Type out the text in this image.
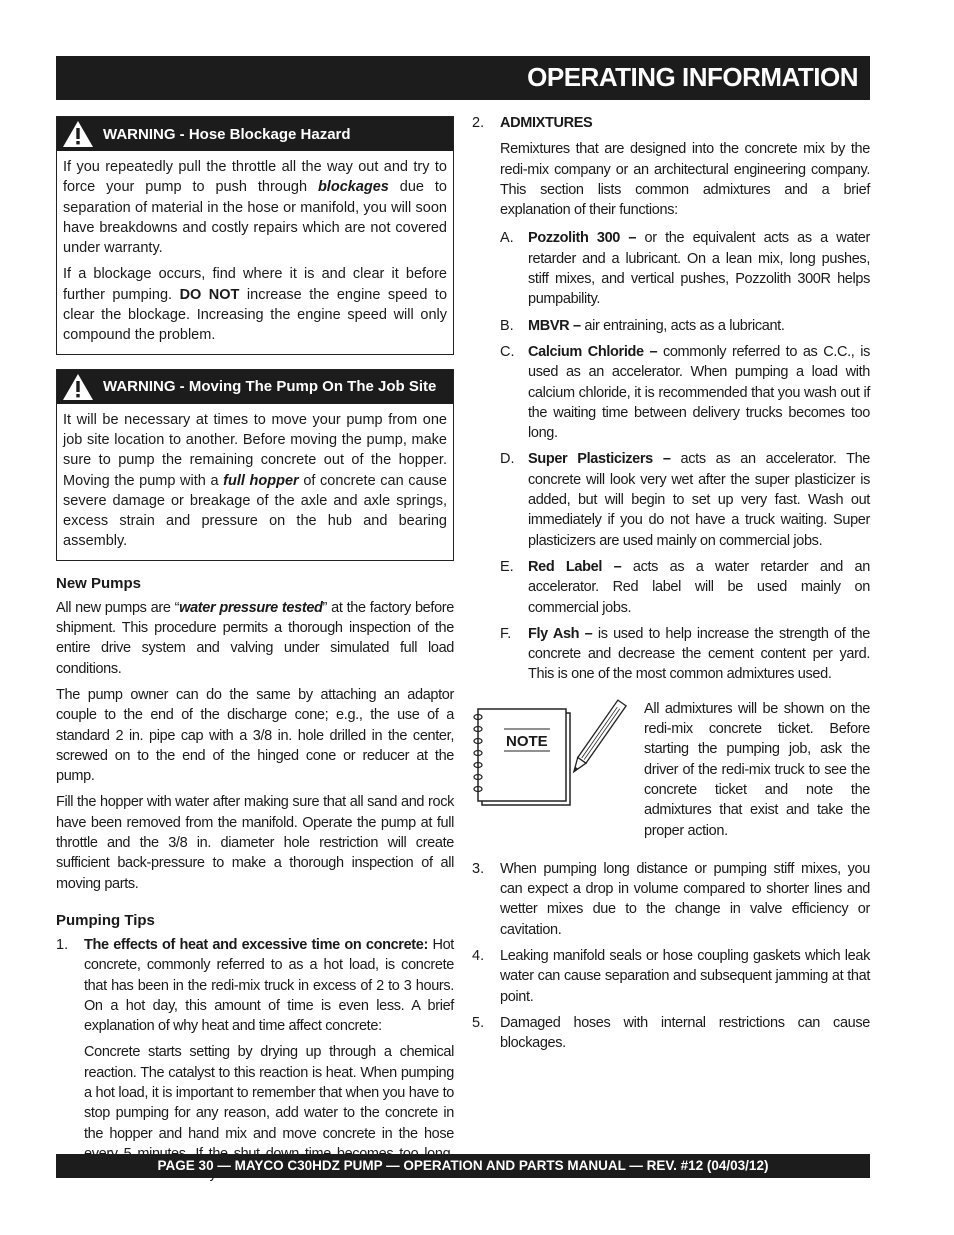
OPERATING INFORMATION
WARNING - Hose Blockage Hazard

If you repeatedly pull the throttle all the way out and try to force your pump to push through blockages due to separation of material in the hose or manifold, you will soon have breakdowns and costly repairs which are not covered under warranty.

If a blockage occurs, find where it is and clear it before further pumping. DO NOT increase the engine speed to clear the blockage. Increasing the engine speed will only compound the problem.

WARNING - Moving The Pump On The Job Site

It will be necessary at times to move your pump from one job site location to another. Before moving the pump, make sure to pump the remaining concrete out of the hopper. Moving the pump with a full hopper of concrete can cause severe damage or breakage of the axle and axle springs, excess strain and pressure on the hub and bearing assembly.

New Pumps

All new pumps are “water pressure tested” at the factory before shipment. This procedure permits a thorough inspection of the entire drive system and valving under simulated full load conditions.

The pump owner can do the same by attaching an adaptor couple to the end of the discharge cone; e.g., the use of a standard 2 in. pipe cap with a 3/8 in. hole drilled in the center, screwed on to the end of the hinged cone or reducer at the pump.

Fill the hopper with water after making sure that all sand and rock have been removed from the manifold. Operate the pump at full throttle and the 3/8 in. diameter hole restriction will create sufficient back-pressure to make a thorough inspection of all moving parts.

Pumping Tips
1.	The effects of heat and excessive time on concrete: Hot concrete, commonly referred to as a hot load, is concrete that has been in the redi-mix truck in excess of 2 to 3 hours. On a hot day, this amount of time is even less. A brief explanation of why heat and time affect concrete:

Concrete starts setting by drying up through a chemical reaction. The catalyst to this reaction is heat. When pumping a hot load, it is important to remember that when you have to stop pumping for any reason, add water to the concrete in the hopper and hand mix and move concrete in the hose

2.	ADMIXTURES

Remixtures that are designed into the concrete mix by the redi-mix company or an architectural engineering company. This section lists common admixtures and a brief explanation of their functions:

A. Pozzolith 300 – or the equivalent acts as a water retarder and a lubricant. On a lean mix, long pushes, stiff mixes, and vertical pushes, Pozzolith 300R helps pumpability.
B. MBVR – air entraining, acts as a lubricant.
C. Calcium Chloride – commonly referred to as C.C., is used as an accelerator. When pumping a load with calcium chloride, it is recommended that you wash out if the waiting time between delivery trucks becomes too long.
D. Super Plasticizers – acts as an accelerator. The concrete will look very wet after the super plasticizer is added, but will begin to set up very fast. Wash out immediately if you do not have a truck waiting. Super plasticizers are used mainly on commercial jobs.
E. Red Label – acts as a water retarder and an accelerator. Red label will be used mainly on commercial jobs.
F.	Fly Ash – is used to help increase the strength of the concrete and decrease the cement content per yard. This is one of the most common admixtures used.
NOTE
All admixtures will be shown on the redi-mix concrete ticket. Before starting the pumping job, ask the driver of the redi-mix truck to see the concrete ticket and note the admixtures that exist and take the proper action.
3.	When pumping long distance or pumping stiff mixes, you can expect a drop in volume compared to shorter lines and wetter mixes due to the change in valve efficiency or cavitation.
4.	Leaking manifold seals or hose coupling gaskets which leak water can cause separation and subsequent jamming at that point.
5.	Damaged hoses with internal restrictions can cause blockages.
PAGE 30 — MAYCO C30HDZ PUMP — OPERATION AND PARTS MANUAL — REV. #12 (04/03/12)
